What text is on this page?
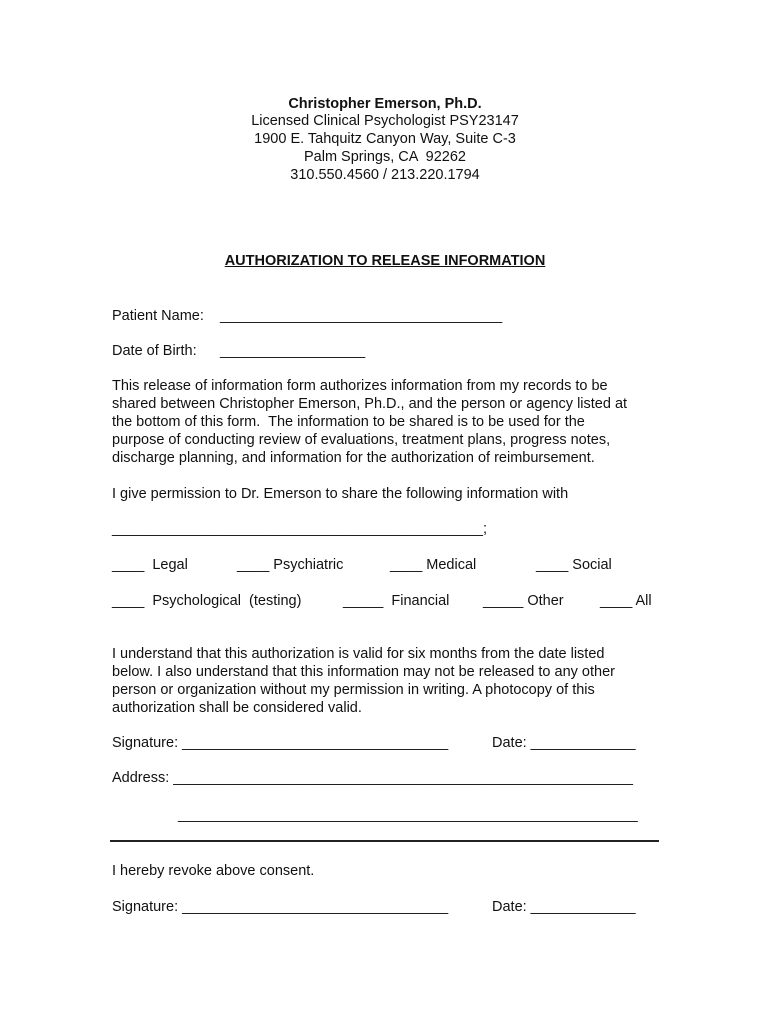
Christopher Emerson, Ph.D.
Licensed Clinical Psychologist PSY23147
1900 E. Tahquitz Canyon Way, Suite C-3
Palm Springs, CA  92262
310.550.4560 / 213.220.1794
AUTHORIZATION TO RELEASE INFORMATION
Patient Name: ___________________________________
Date of Birth: __________________
This release of information form authorizes information from my records to be
shared between Christopher Emerson, Ph.D., and the person or agency listed at
the bottom of this form.  The information to be shared is to be used for the
purpose of conducting review of evaluations, treatment plans, progress notes,
discharge planning, and information for the authorization of reimbursement.
I give permission to Dr. Emerson to share the following information with
______________________________________________;
____  Legal	____ Psychiatric	____ Medical	____ Social
____  Psychological  (testing)	_____  Financial _____ Other	____ All
I understand that this authorization is valid for six months from the date listed
below. I also understand that this information may not be released to any other
person or organization without my permission in writing. A photocopy of this
authorization shall be considered valid.
Signature: _________________________________	Date: _____________
Address: _________________________________________________________
_________________________________________________________
I hereby revoke above consent.
Signature: _________________________________	Date: _____________
